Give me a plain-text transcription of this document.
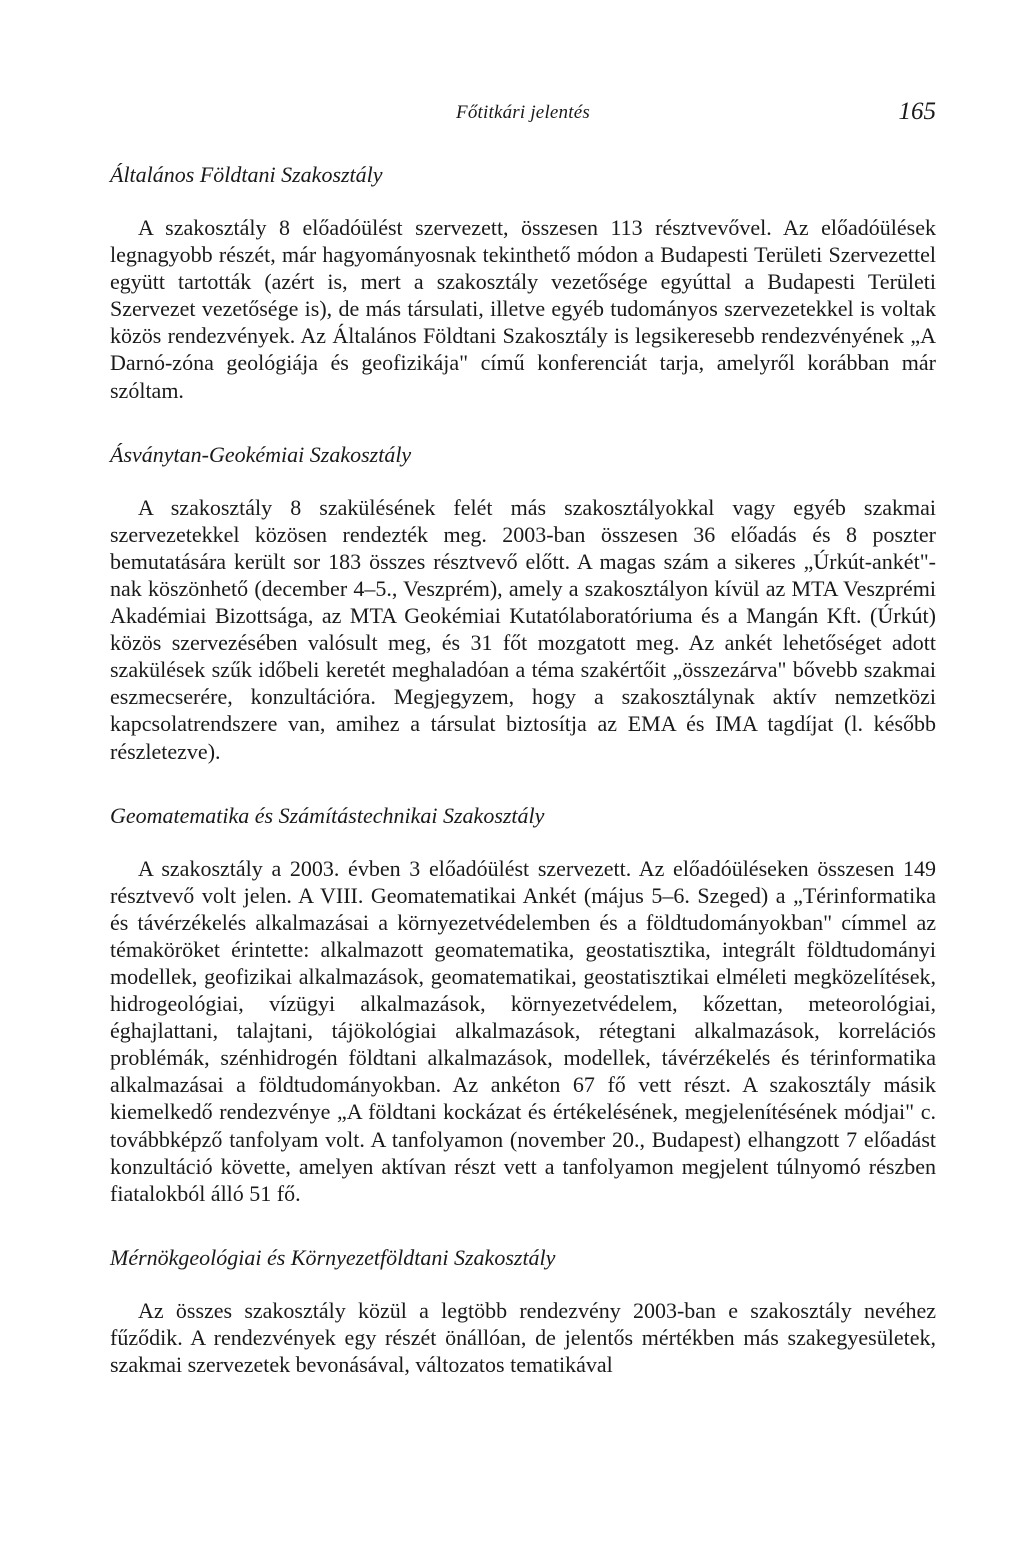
Főtitkári jelentés	165
Általános Földtani Szakosztály

A szakosztály 8 előadóülést szervezett, összesen 113 résztvevővel. Az előadóülések legnagyobb részét, már hagyományosnak tekinthető módon a Budapesti Területi Szervezettel együtt tartották (azért is, mert a szakosztály vezetősége egyúttal a Budapesti Területi Szervezet vezetősége is), de más társulati, illetve egyéb tudományos szervezetekkel is voltak közös rendezvények. Az Általános Földtani Szakosztály is legsikeresebb rendezvényének „A Darnó-zóna geológiája és geofizikája" című konferenciát tarja, amelyről korábban már szóltam.

Ásványtan-Geokémiai Szakosztály

A szakosztály 8 szakülésének felét más szakosztályokkal vagy egyéb szakmai szervezetekkel közösen rendezték meg. 2003-ban összesen 36 előadás és 8 poszter bemutatására került sor 183 összes résztvevő előtt. A magas szám a sikeres „Úrkút-ankét"-nak köszönhető (december 4–5., Veszprém), amely a szakosztályon kívül az MTA Veszprémi Akadémiai Bizottsága, az MTA Geokémiai Kutatólaboratóriuma és a Mangán Kft. (Úrkút) közös szervezésében valósult meg, és 31 főt mozgatott meg. Az ankét lehetőséget adott szakülések szűk időbeli keretét meghaladóan a téma szakértőit „összezárva" bővebb szakmai eszmecserére, konzultációra. Megjegyzem, hogy a szakosztálynak aktív nemzetközi kapcsolatrendszere van, amihez a társulat biztosítja az EMA és IMA tagdíjat (l. később részletezve).

Geomatematika és Számítástechnikai Szakosztály

A szakosztály a 2003. évben 3 előadóülést szervezett. Az előadóüléseken összesen 149 résztvevő volt jelen. A VIII. Geomatematikai Ankét (május 5–6. Szeged) a „Térinformatika és távérzékelés alkalmazásai a környezetvédelemben és a földtudományokban" címmel az témaköröket érintette: alkalmazott geomatematika, geostatisztika, integrált földtudományi modellek, geofizikai alkalmazások, geomatematikai, geostatisztikai elméleti megközelítések, hidrogeológiai, vízügyi alkalmazások, környezetvédelem, kőzettan, meteorológiai, éghajlattani, talajtani, tájökológiai alkalmazások, rétegtani alkalmazások, korrelációs problémák, szénhidrogén földtani alkalmazások, modellek, távérzékelés és térinformatika alkalmazásai a földtudományokban. Az ankéton 67 fő vett részt. A szakosztály másik kiemelkedő rendezvénye „A földtani kockázat és értékelésének, megjelenítésének módjai" c. továbbképző tanfolyam volt. A tanfolyamon (november 20., Budapest) elhangzott 7 előadást konzultáció követte, amelyen aktívan részt vett a tanfolyamon megjelent túlnyomó részben fiatalokból álló 51 fő.

Mérnökgeológiai és Környezetföldtani Szakosztály

Az összes szakosztály közül a legtöbb rendezvény 2003-ban e szakosztály nevéhez fűződik. A rendezvények egy részét önállóan, de jelentős mértékben más szakegyesületek, szakmai szervezetek bevonásával, változatos tematikával
